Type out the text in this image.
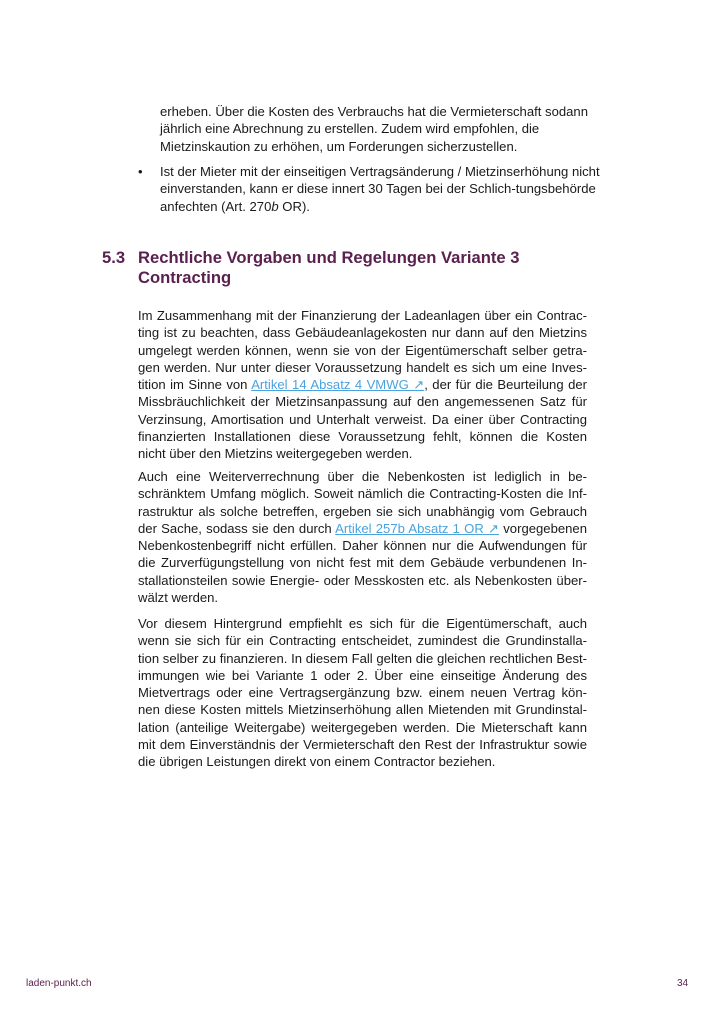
erheben. Über die Kosten des Verbrauchs hat die Vermieterschaft sodann jährlich eine Abrechnung zu erstellen. Zudem wird empfohlen, die Mietzinskaution zu erhöhen, um Forderungen sicherzustellen.
•	Ist der Mieter mit der einseitigen Vertragsänderung / Mietzinserhöhung nicht einverstanden, kann er diese innert 30 Tagen bei der Schlich-tungsbehörde anfechten (Art. 270b OR).
5.3 Rechtliche Vorgaben und Regelungen Variante 3 Contracting
Im Zusammenhang mit der Finanzierung der Ladeanlagen über ein Contrac-ting ist zu beachten, dass Gebäudeanlagekosten nur dann auf den Mietzins umgelegt werden können, wenn sie von der Eigentümerschaft selber getra-gen werden. Nur unter dieser Voraussetzung handelt es sich um eine Inves-tition im Sinne von Artikel 14 Absatz 4 VMWG ↗, der für die Beurteilung der Missbräuchlichkeit der Mietzinsanpassung auf den angemessenen Satz für Verzinsung, Amortisation und Unterhalt verweist. Da einer über Contracting finanzierten Installationen diese Voraussetzung fehlt, können die Kosten nicht über den Mietzins weitergegeben werden.
Auch eine Weiterverrechnung über die Nebenkosten ist lediglich in be-schränktem Umfang möglich. Soweit nämlich die Contracting-Kosten die Inf-rastruktur als solche betreffen, ergeben sie sich unabhängig vom Gebrauch der Sache, sodass sie den durch Artikel 257b Absatz 1 OR ↗ vorgegebenen Nebenkostenbegriff nicht erfüllen. Daher können nur die Aufwendungen für die Zurverfügungstellung von nicht fest mit dem Gebäude verbundenen In-stallationsteilen sowie Energie- oder Messkosten etc. als Nebenkosten über-wälzt werden.
Vor diesem Hintergrund empfiehlt es sich für die Eigentümerschaft, auch wenn sie sich für ein Contracting entscheidet, zumindest die Grundinstalla-tion selber zu finanzieren. In diesem Fall gelten die gleichen rechtlichen Best-immungen wie bei Variante 1 oder 2. Über eine einseitige Änderung des Mietvertrags oder eine Vertragsergänzung bzw. einem neuen Vertrag kön-nen diese Kosten mittels Mietzinserhöhung allen Mietenden mit Grundinstal-lation (anteilige Weitergabe) weitergegeben werden. Die Mieterschaft kann mit dem Einverständnis der Vermieterschaft den Rest der Infrastruktur sowie die übrigen Leistungen direkt von einem Contractor beziehen.
laden-punkt.ch	34
